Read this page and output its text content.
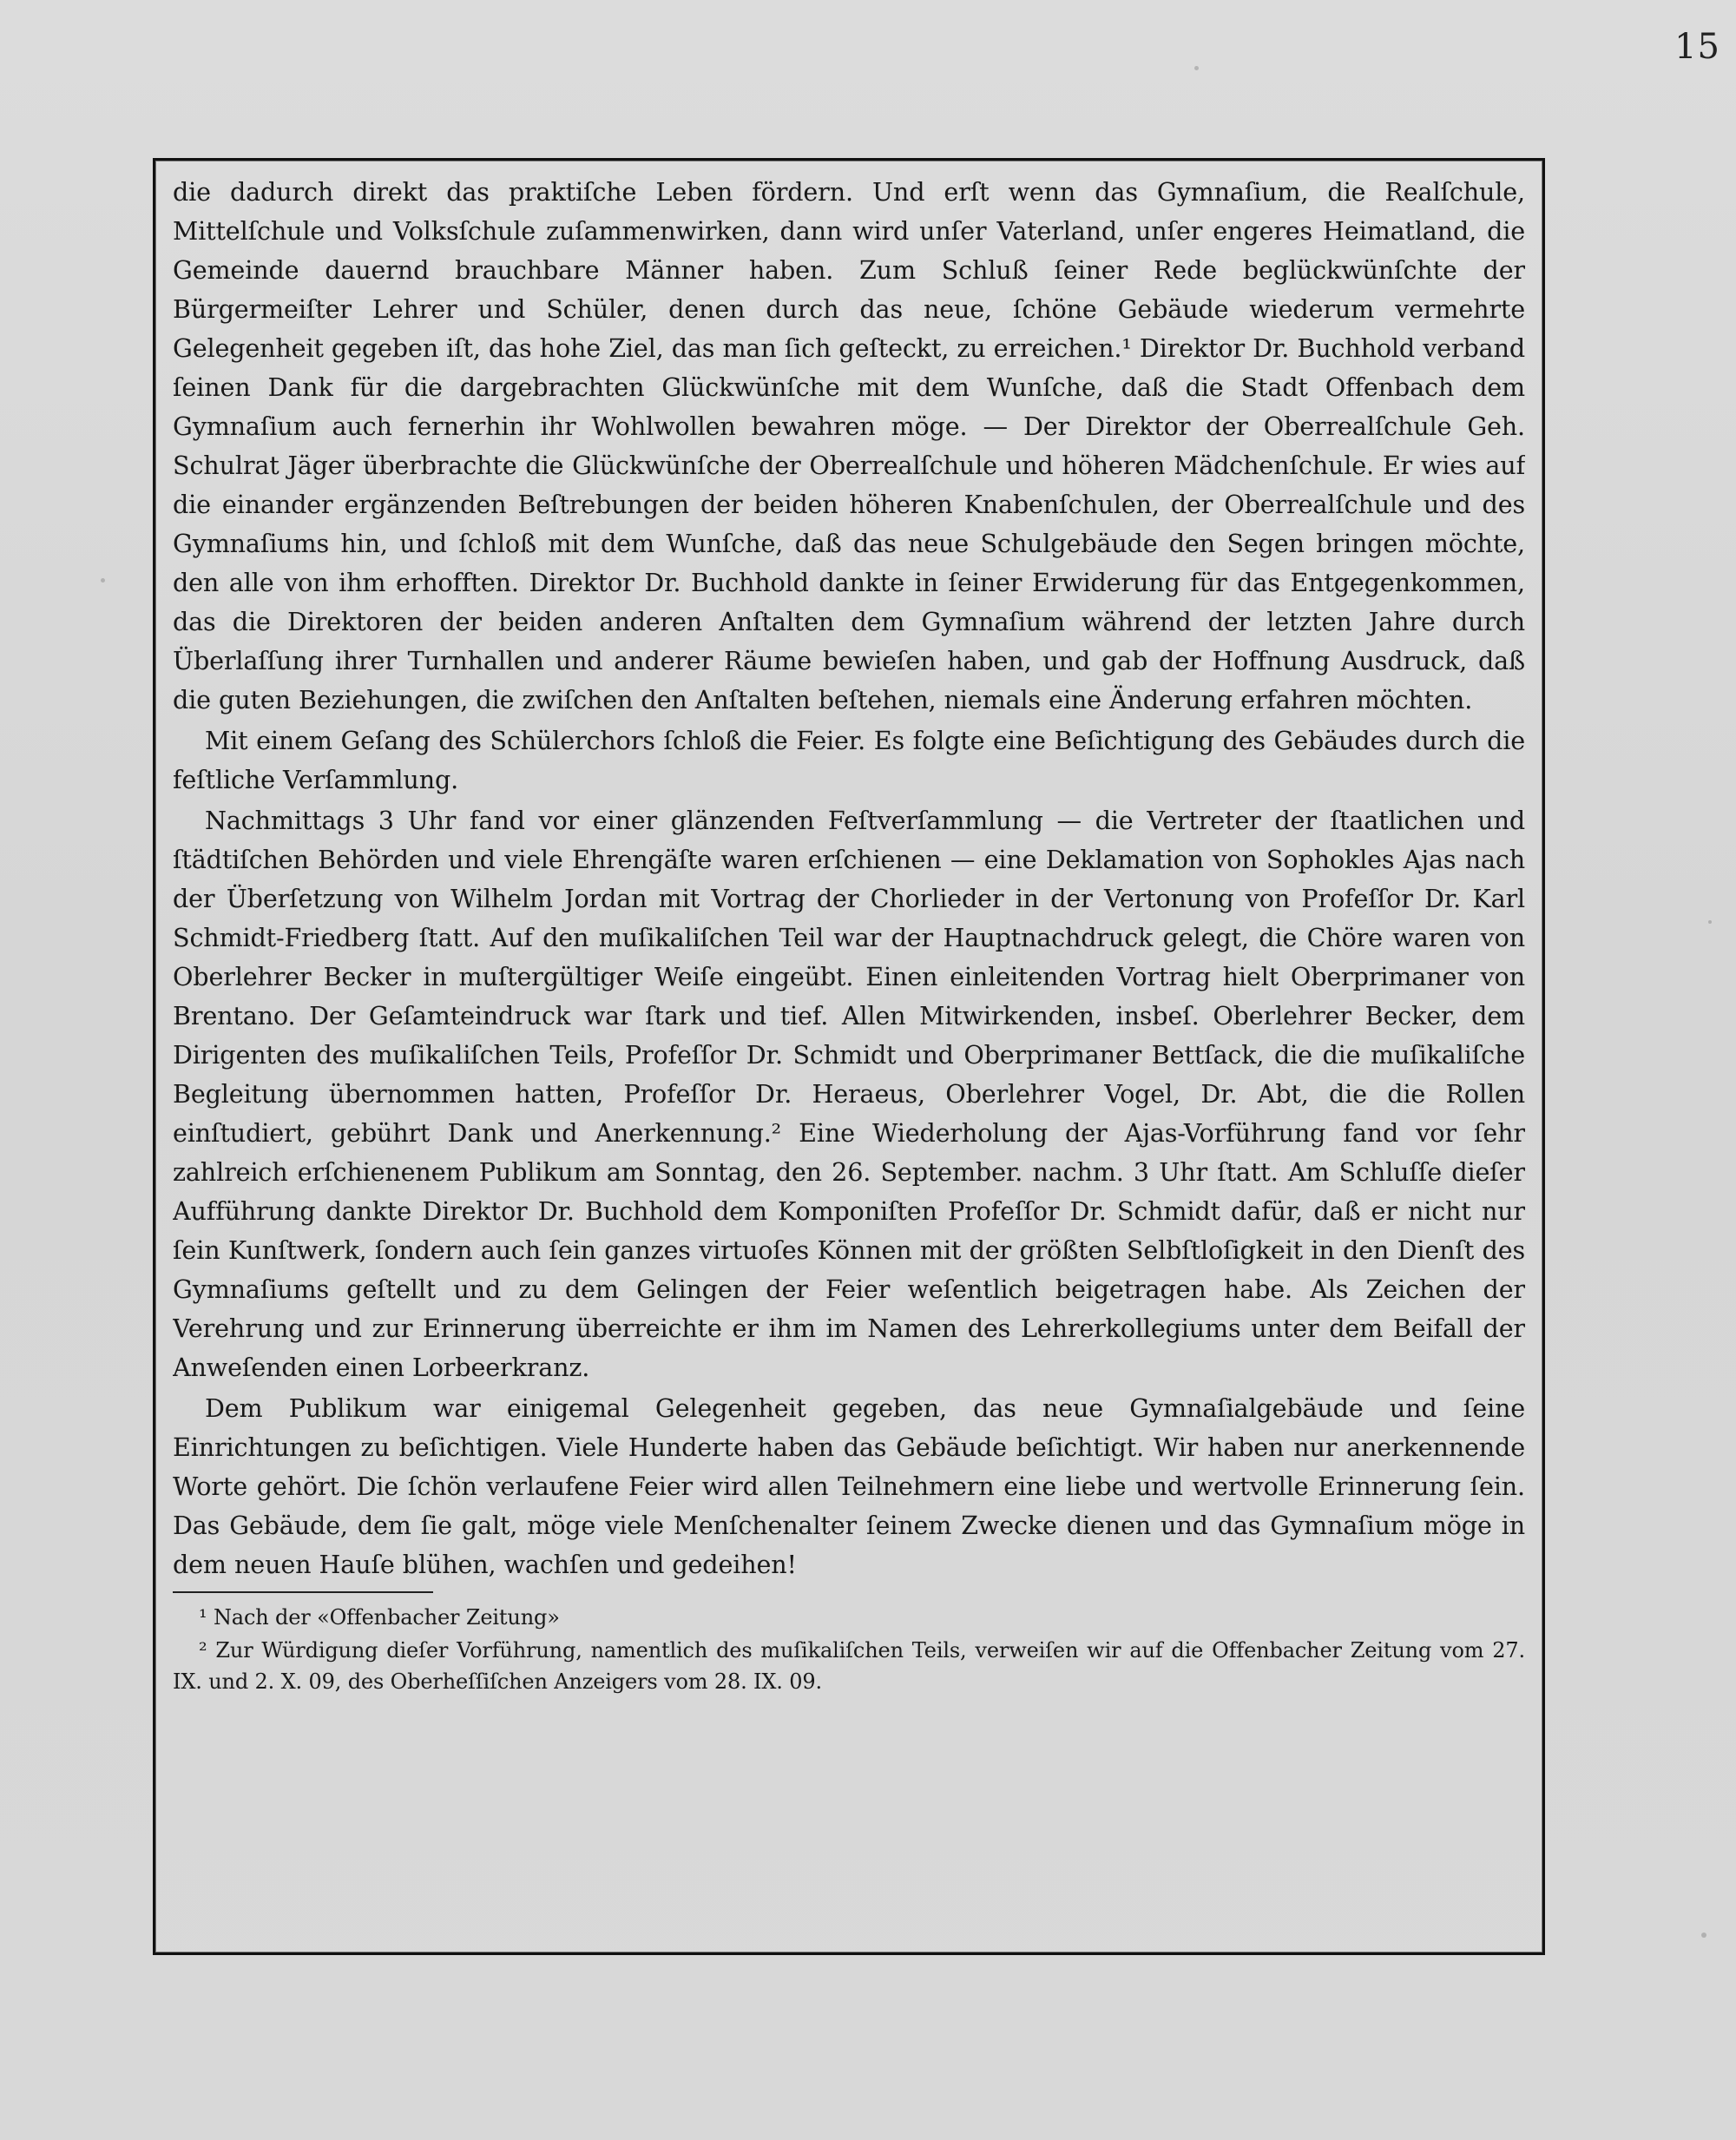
15

die dadurch direkt das praktiſche Leben fördern. Und erſt wenn das Gymnaſium, die Realſchule, Mittelſchule und Volksſchule zuſammenwirken, dann wird unſer Vaterland, unſer engeres Heimatland, die Gemeinde dauernd brauchbare Männer haben. Zum Schluß ſeiner Rede beglückwünſchte der Bürgermeiſter Lehrer und Schüler, denen durch das neue, ſchöne Gebäude wiederum vermehrte Gelegenheit gegeben iſt, das hohe Ziel, das man ſich geſteckt, zu erreichen.¹ Direktor Dr. Buchhold verband ſeinen Dank für die dargebrachten Glückwünſche mit dem Wunſche, daß die Stadt Offenbach dem Gymnaſium auch fernerhin ihr Wohlwollen bewahren möge. — Der Direktor der Oberrealſchule Geh. Schulrat Jäger überbrachte die Glückwünſche der Oberrealſchule und höheren Mädchenſchule. Er wies auf die einander ergänzenden Beſtrebungen der beiden höheren Knabenſchulen, der Oberrealſchule und des Gymnaſiums hin, und ſchloß mit dem Wunſche, daß das neue Schulgebäude den Segen bringen möchte, den alle von ihm erhofften. Direktor Dr. Buchhold dankte in ſeiner Erwiderung für das Entgegenkommen, das die Direktoren der beiden anderen Anſtalten dem Gymnaſium während der letzten Jahre durch Überlaſſung ihrer Turnhallen und anderer Räume bewieſen haben, und gab der Hoffnung Ausdruck, daß die guten Beziehungen, die zwiſchen den Anſtalten beſtehen, niemals eine Änderung erfahren möchten.

Mit einem Geſang des Schülerchors ſchloß die Feier. Es folgte eine Beſichtigung des Gebäudes durch die feſtliche Verſammlung.

Nachmittags 3 Uhr fand vor einer glänzenden Feſtverſammlung — die Vertreter der ſtaatlichen und ſtädtiſchen Behörden und viele Ehrengäſte waren erſchienen — eine Deklamation von Sophokles Ajas nach der Überſetzung von Wilhelm Jordan mit Vortrag der Chorlieder in der Vertonung von Profeſſor Dr. Karl Schmidt-Friedberg ſtatt. Auf den muſikaliſchen Teil war der Hauptnachdruck gelegt, die Chöre waren von Oberlehrer Becker in muſtergültiger Weiſe eingeübt. Einen einleitenden Vortrag hielt Oberprimaner von Brentano. Der Geſamteindruck war ſtark und tief. Allen Mitwirkenden, insbeſ. Oberlehrer Becker, dem Dirigenten des muſikaliſchen Teils, Profeſſor Dr. Schmidt und Oberprimaner Bettſack, die die muſikaliſche Begleitung übernommen hatten, Profeſſor Dr. Heraeus, Oberlehrer Vogel, Dr. Abt, die die Rollen einſtudiert, gebührt Dank und Anerkennung.² Eine Wiederholung der Ajas-Vorführung fand vor ſehr zahlreich erſchienenem Publikum am Sonntag, den 26. September. nachm. 3 Uhr ſtatt. Am Schluſſe dieſer Aufführung dankte Direktor Dr. Buchhold dem Komponiſten Profeſſor Dr. Schmidt dafür, daß er nicht nur ſein Kunſtwerk, ſondern auch ſein ganzes virtuoſes Können mit der größten Selbſtloſigkeit in den Dienſt des Gymnaſiums geſtellt und zu dem Gelingen der Feier weſentlich beigetragen habe. Als Zeichen der Verehrung und zur Erinnerung überreichte er ihm im Namen des Lehrerkollegiums unter dem Beifall der Anweſenden einen Lorbeerkranz.

Dem Publikum war einigemal Gelegenheit gegeben, das neue Gymnaſialgebäude und ſeine Einrichtungen zu beſichtigen. Viele Hunderte haben das Gebäude beſichtigt. Wir haben nur anerkennende Worte gehört. Die ſchön verlaufene Feier wird allen Teilnehmern eine liebe und wertvolle Erinnerung ſein. Das Gebäude, dem ſie galt, möge viele Menſchenalter ſeinem Zwecke dienen und das Gymnaſium möge in dem neuen Hauſe blühen, wachſen und gedeihen!

¹ Nach der «Offenbacher Zeitung»

² Zur Würdigung dieſer Vorführung, namentlich des muſikaliſchen Teils, verweiſen wir auf die Offenbacher Zeitung vom 27. IX. und 2. X. 09, des Oberheſſiſchen Anzeigers vom 28. IX. 09.
